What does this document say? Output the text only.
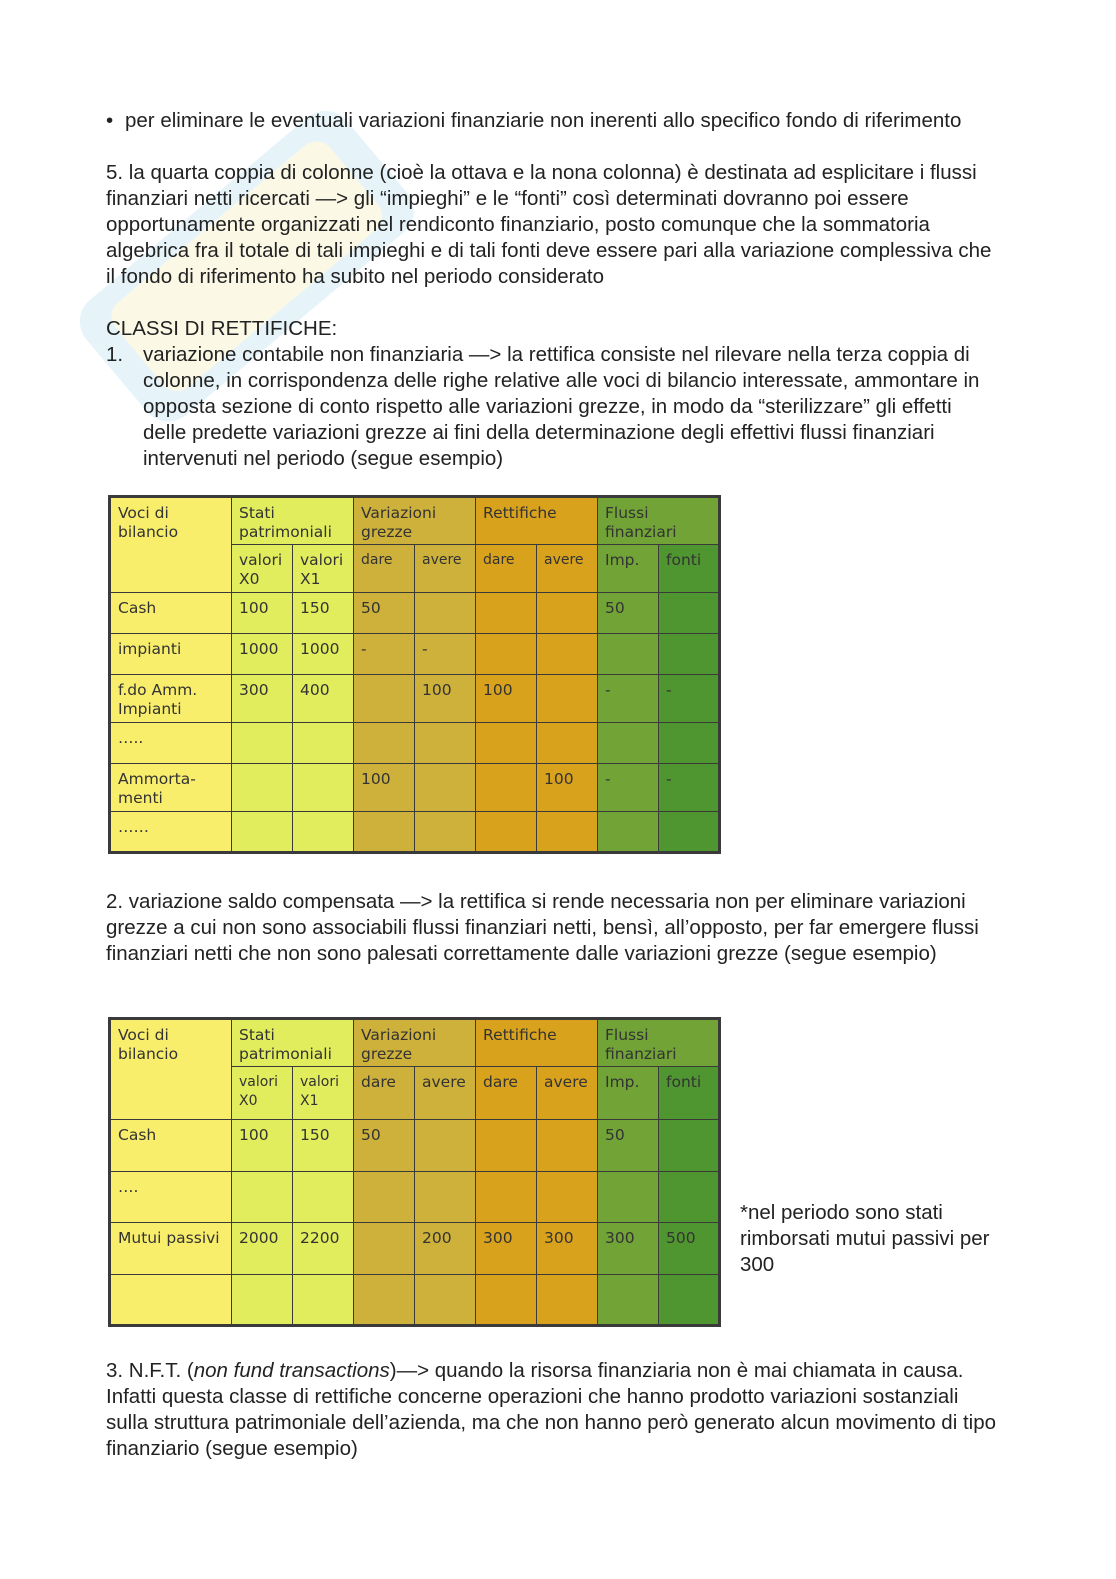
• per eliminare le eventuali variazioni finanziarie non inerenti allo specifico fondo di riferimento
5. la quarta coppia di colonne (cioè la ottava e la nona colonna) è destinata ad esplicitare i flussi finanziari netti ricercati —> gli “impieghi” e le “fonti” così determinati dovranno poi essere opportunamente organizzati nel rendiconto finanziario, posto comunque che la sommatoria algebrica fra il totale di tali impieghi e di tali fonti deve essere pari alla variazione complessiva che il fondo di riferimento ha subito nel periodo considerato
CLASSI DI RETTIFICHE:
1. variazione contabile non finanziaria —> la rettifica consiste nel rilevare nella terza coppia di colonne, in corrispondenza delle righe relative alle voci di bilancio interessate, ammontare in opposta sezione di conto rispetto alle variazioni grezze, in modo da “sterilizzare” gli effetti delle predette variazioni grezze ai fini della determinazione degli effettivi flussi finanziari intervenuti nel periodo (segue esempio)
Voci di bilancio	Stati patrimoniali		Variazioni grezze		Rettifiche		Flussi finanziari	
	valori X0	valori X1	dare	avere	dare	avere	Imp.	fonti
Cash	100	150	50				50	
impianti	1000	1000	-	-				
f.do Amm. Impianti	300	400		100	100		-	-
…..								
Ammorta-menti			100			100	-	-
……								
2. variazione saldo compensata —> la rettifica si rende necessaria non per eliminare variazioni grezze a cui non sono associabili flussi finanziari netti, bensì, all’opposto, per far emergere flussi finanziari netti che non sono palesati correttamente dalle variazioni grezze (segue esempio)
Voci di bilancio	Stati patrimoniali		Variazioni grezze		Rettifiche		Flussi finanziari	
	valori X0	valori X1	dare	avere	dare	avere	Imp.	fonti
Cash	100	150	50				50	
….								
Mutui passivi	2000	2200		200	300	300	300	500

*nel periodo sono stati rimborsati mutui passivi per 300
3. N.F.T. (non fund transactions)—> quando la risorsa finanziaria non è mai chiamata in causa. Infatti questa classe di rettifiche concerne operazioni che hanno prodotto variazioni sostanziali sulla struttura patrimoniale dell’azienda, ma che non hanno però generato alcun movimento di tipo finanziario (segue esempio)
